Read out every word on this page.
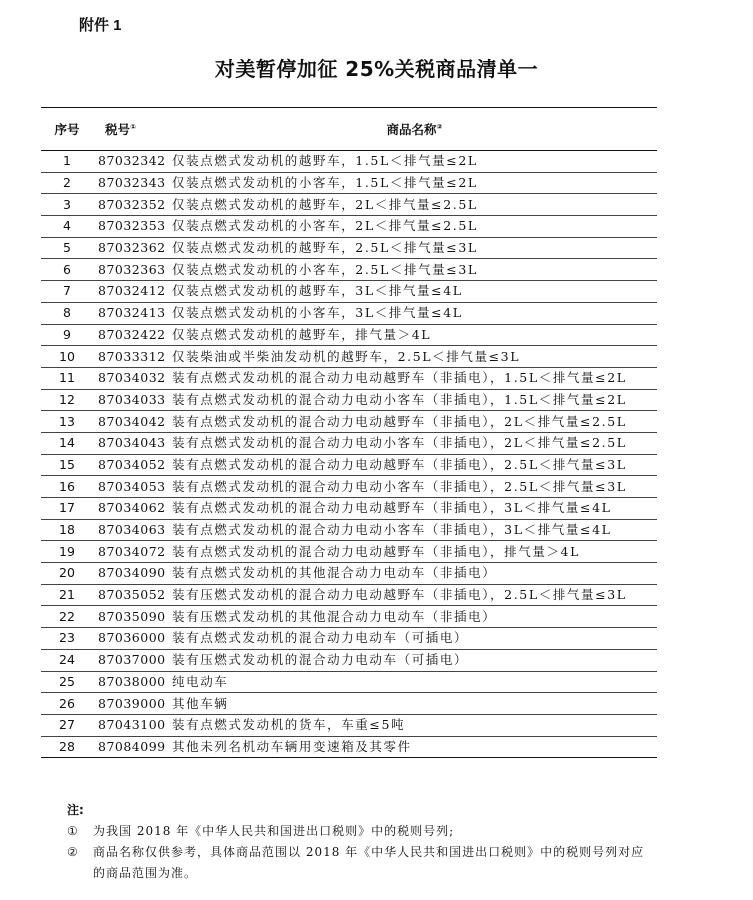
附件 1
对美暂停加征 25%关税商品清单一
序号	税号①	商品名称②
1	87032342	仅装点燃式发动机的越野车，1.5L＜排气量≤2L
2	87032343	仅装点燃式发动机的小客车，1.5L＜排气量≤2L
3	87032352	仅装点燃式发动机的越野车，2L＜排气量≤2.5L
4	87032353	仅装点燃式发动机的小客车，2L＜排气量≤2.5L
5	87032362	仅装点燃式发动机的越野车，2.5L＜排气量≤3L
6	87032363	仅装点燃式发动机的小客车，2.5L＜排气量≤3L
7	87032412	仅装点燃式发动机的越野车，3L＜排气量≤4L
8	87032413	仅装点燃式发动机的小客车，3L＜排气量≤4L
9	87032422	仅装点燃式发动机的越野车，排气量＞4L
10	87033312	仅装柴油或半柴油发动机的越野车，2.5L＜排气量≤3L
11	87034032	装有点燃式发动机的混合动力电动越野车（非插电），1.5L＜排气量≤2L
12	87034033	装有点燃式发动机的混合动力电动小客车（非插电），1.5L＜排气量≤2L
13	87034042	装有点燃式发动机的混合动力电动越野车（非插电），2L＜排气量≤2.5L
14	87034043	装有点燃式发动机的混合动力电动小客车（非插电），2L＜排气量≤2.5L
15	87034052	装有点燃式发动机的混合动力电动越野车（非插电），2.5L＜排气量≤3L
16	87034053	装有点燃式发动机的混合动力电动小客车（非插电），2.5L＜排气量≤3L
17	87034062	装有点燃式发动机的混合动力电动越野车（非插电），3L＜排气量≤4L
18	87034063	装有点燃式发动机的混合动力电动小客车（非插电），3L＜排气量≤4L
19	87034072	装有点燃式发动机的混合动力电动越野车（非插电），排气量＞4L
20	87034090	装有点燃式发动机的其他混合动力电动车（非插电）
21	87035052	装有压燃式发动机的混合动力电动越野车（非插电），2.5L＜排气量≤3L
22	87035090	装有压燃式发动机的其他混合动力电动车（非插电）
23	87036000	装有点燃式发动机的混合动力电动车（可插电）
24	87037000	装有压燃式发动机的混合动力电动车（可插电）
25	87038000	纯电动车
26	87039000	其他车辆
27	87043100	装有点燃式发动机的货车，车重≤5吨
28	87084099	其他未列名机动车辆用变速箱及其零件
注:
①	为我国 2018 年《中华人民共和国进出口税则》中的税则号列;
②	商品名称仅供参考，具体商品范围以 2018 年《中华人民共和国进出口税则》中的税则号列对应的商品范围为准。
